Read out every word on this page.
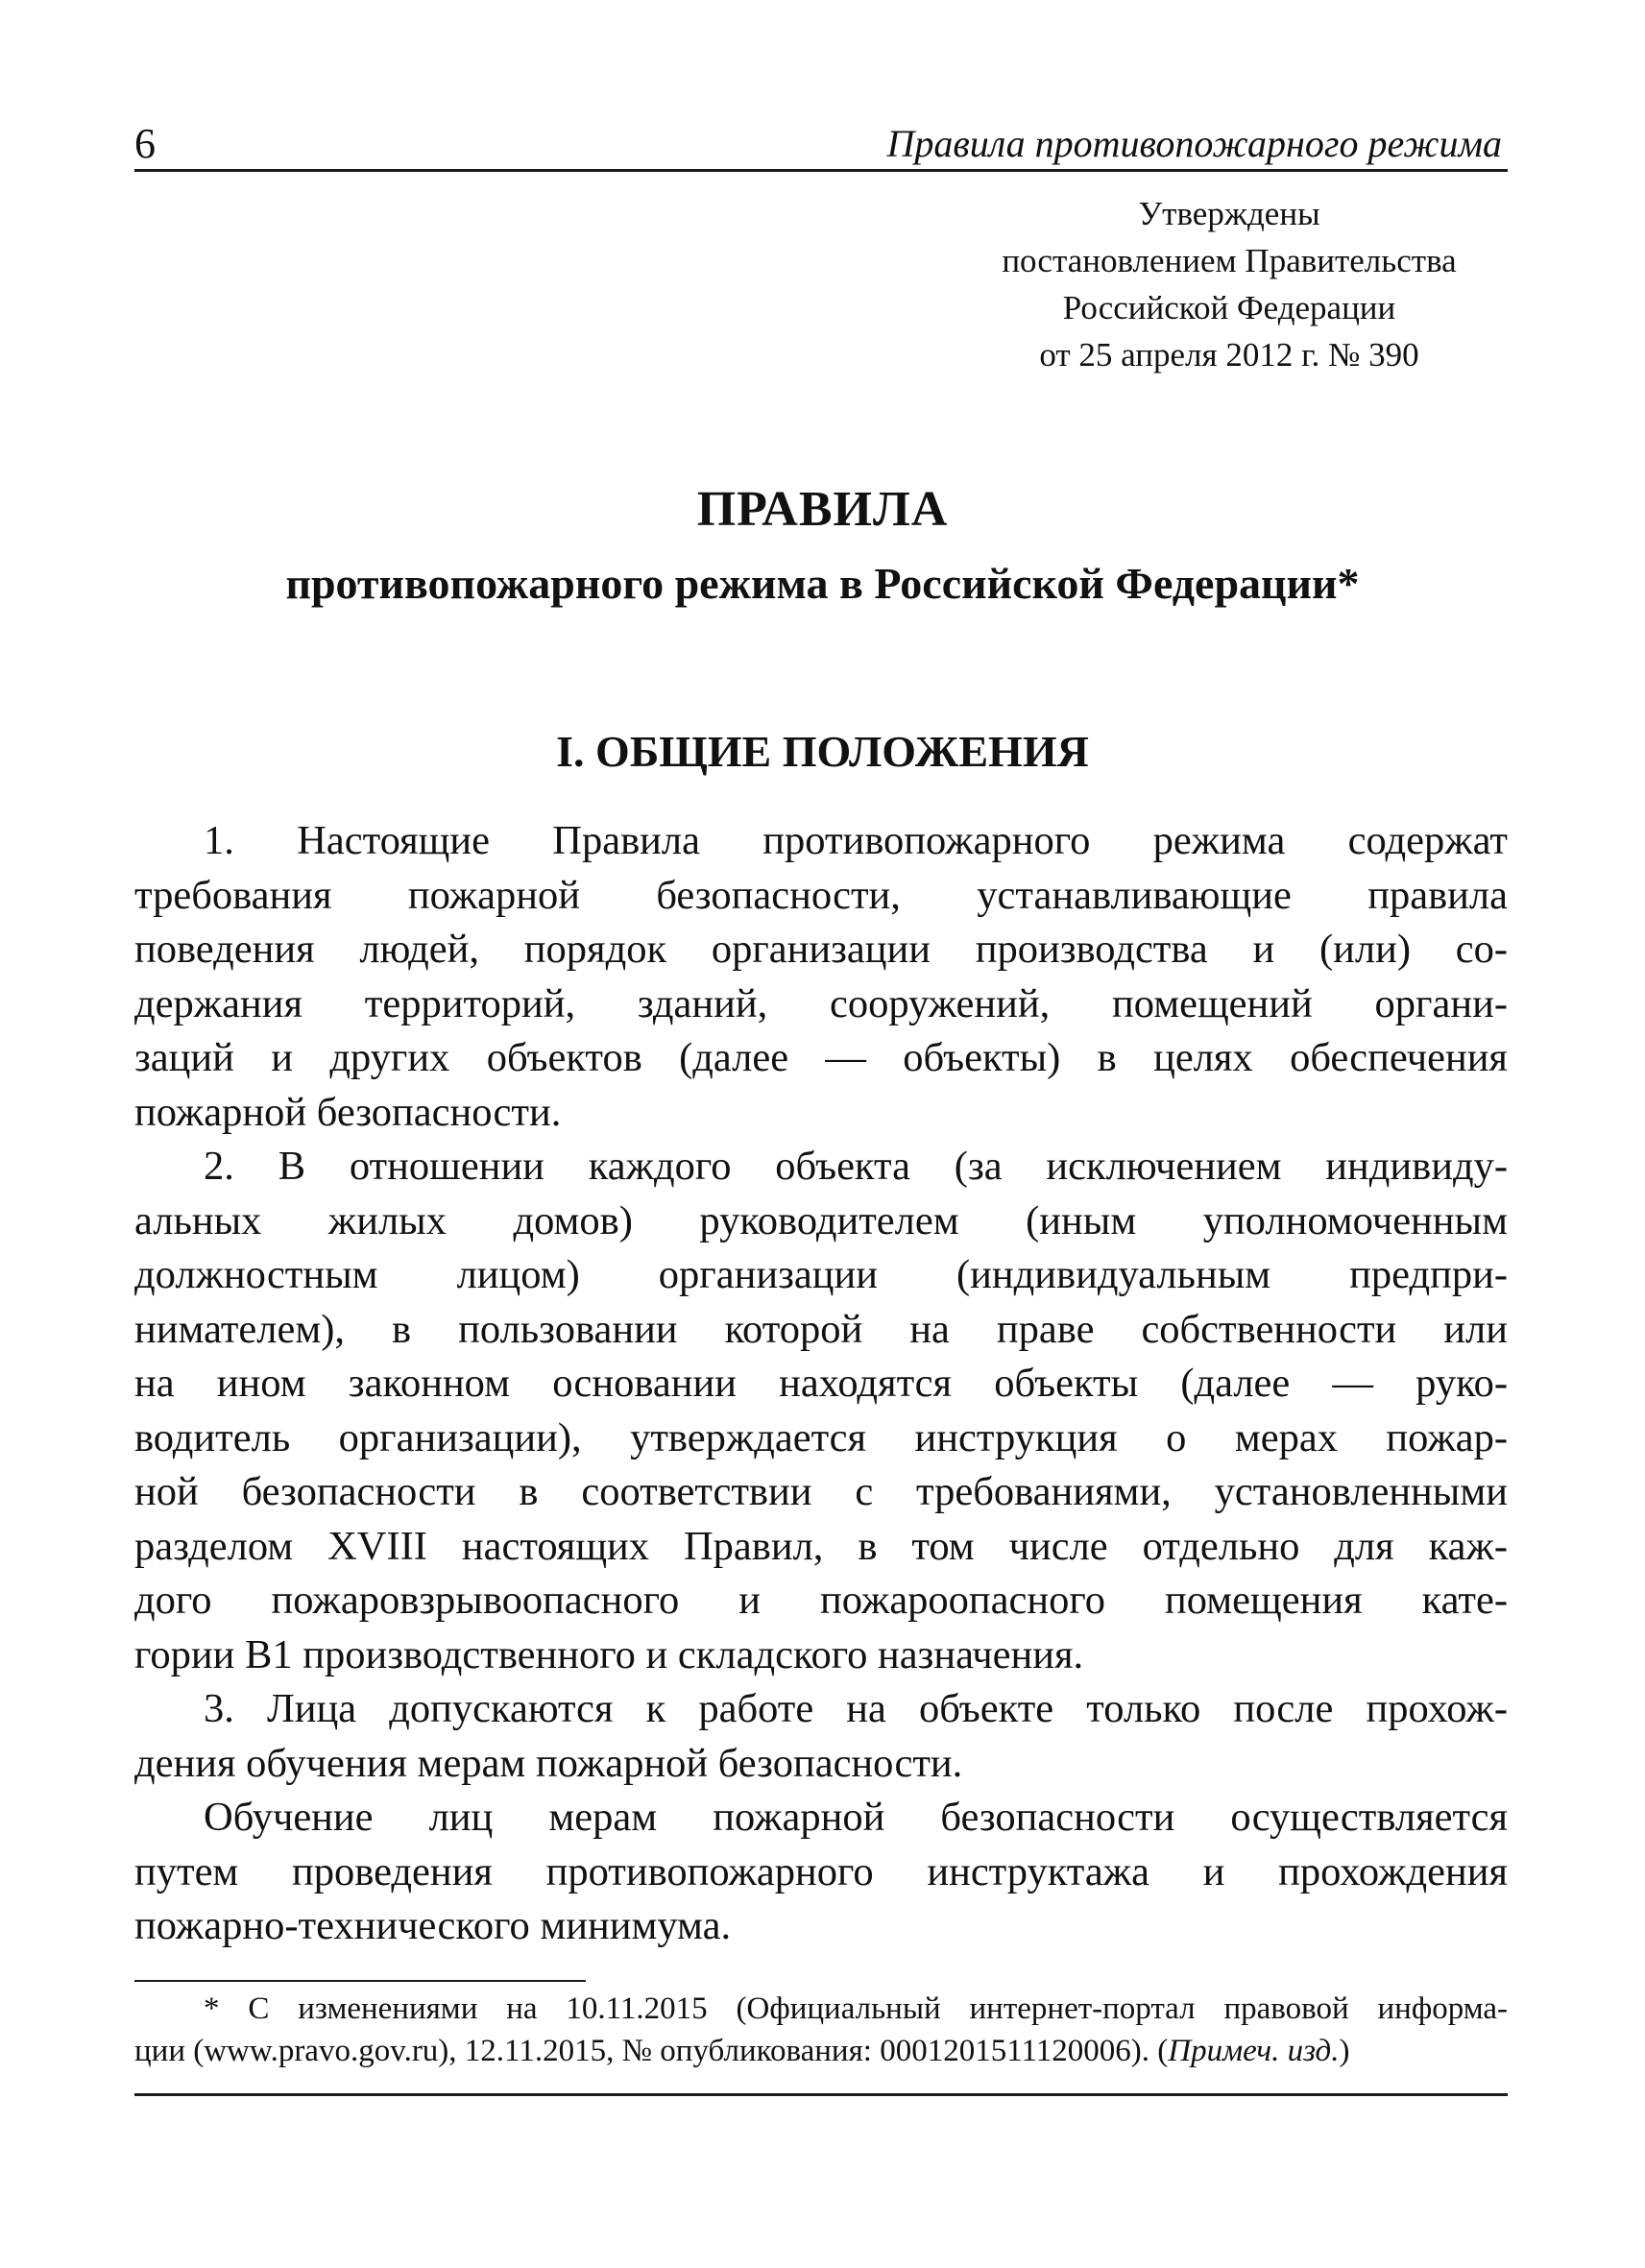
6	Правила противопожарного режима
Утверждены
постановлением Правительства
Российской Федерации
от 25 апреля 2012 г. № 390
ПРАВИЛА
противопожарного режима в Российской Федерации*
I. ОБЩИЕ ПОЛОЖЕНИЯ
1. Настоящие Правила противопожарного режима содержат
требования пожарной безопасности, устанавливающие правила
поведения людей, порядок организации производства и (или) со-
держания территорий, зданий, сооружений, помещений органи-
заций и других объектов (далее — объекты) в целях обеспечения
пожарной безопасности.
2. В отношении каждого объекта (за исключением индивиду-
альных жилых домов) руководителем (иным уполномоченным
должностным лицом) организации (индивидуальным предпри-
нимателем), в пользовании которой на праве собственности или
на ином законном основании находятся объекты (далее — руко-
водитель организации), утверждается инструкция о мерах пожар-
ной безопасности в соответствии с требованиями, установленными
разделом XVIII настоящих Правил, в том числе отдельно для каж-
дого пожаровзрывоопасного и пожароопасного помещения кате-
гории В1 производственного и складского назначения.
3. Лица допускаются к работе на объекте только после прохож-
дения обучения мерам пожарной безопасности.
Обучение лиц мерам пожарной безопасности осуществляется
путем проведения противопожарного инструктажа и прохождения
пожарно-технического минимума.
* С изменениями на 10.11.2015 (Официальный интернет-портал правовой информа-
ции (www.pravo.gov.ru), 12.11.2015, № опубликования: 0001201511120006). (Примеч. изд.)
